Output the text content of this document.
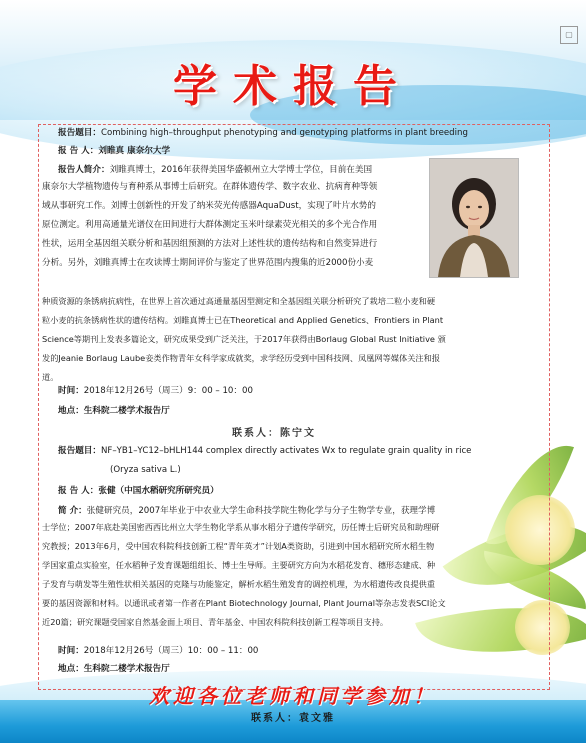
▢
学术报告
报告题目：Combining high–throughput phenotyping and genotyping platforms in plant breeding
报 告 人：刘睢真 康奈尔大学
报告人简介：刘睢真博士，2016年获得美国华盛顿州立大学博士学位，目前在美国
康奈尔大学植物遗传与育种系从事博士后研究。在群体遗传学、数字农业、抗病育种等领
域从事研究工作。刘博士创新性的开发了纳米荧光传感器AquaDust，实现了叶片水势的
原位测定。利用高通量光谱仪在田间进行大群体测定玉米叶绿素荧光相关的多个光合作用
性状，运用全基因组关联分析和基因组预测的方法对上述性状的遗传结构和自然变异进行
分析。另外，刘睢真博士在攻读博士期间评价与鉴定了世界范围内搜集的近2000份小麦
种质资源的条锈病抗病性，在世界上首次通过高通量基因型测定和全基因组关联分析研究了栽培二粒小麦和硬
粒小麦的抗条锈病性状的遗传结构。刘睢真博士已在Theoretical and Applied Genetics、Frontiers in Plant
Science等期刊上发表多篇论文，研究成果受到广泛关注，于2017年获得由Borlaug Global Rust Initiative 颁
发的Jeanie Borlaug Laube妾类作物青年女科学家成就奖，求学经历受到中国科技网、凤凰网等媒体关注和报
道。
时间：2018年12月26号（周三）9：00 – 10：00
地点：生科院二楼学术报告厅
联系人：陈宁文
报告题目：NF–YB1–YC12–bHLH144 complex directly activates Wx to regulate grain quality in rice
(Oryza sativa L.)
报 告 人：张健（中国水稻研究所研究员）
简 介：张健研究员，2007年毕业于中农业大学生命科技学院生物化学与分子生物学专业，获理学博
士学位；2007年底赴美国密西西比州立大学生物化学系从事水稻分子遗传学研究，历任博士后研究员和助理研
究教授；2013年6月，受中国农科院科技创新工程“青年英才”计划A类资助，引进到中国水稻研究所水稻生物
学国家重点实验室，任水稻种子发育课题组组长、博士生导师。主要研究方向为水稻花发育、穗形态建成、种
子发育与萌发等生殖性状相关基因的克隆与功能鉴定，解析水稻生殖发育的调控机理，为水稻遗传改良提供重
要的基因资源和材料。以通讯或者第一作者在Plant Biotechnology Journal, Plant Journal等杂志发表SCI论文
近20篇；研究课题受国家自然基金面上项目、青年基金、中国农科院科技创新工程等项目支持。
时间：2018年12月26号（周三）10：00 – 11：00
地点：生科院二楼学术报告厅
欢迎各位老师和同学参加！
联系人：袁文雅
